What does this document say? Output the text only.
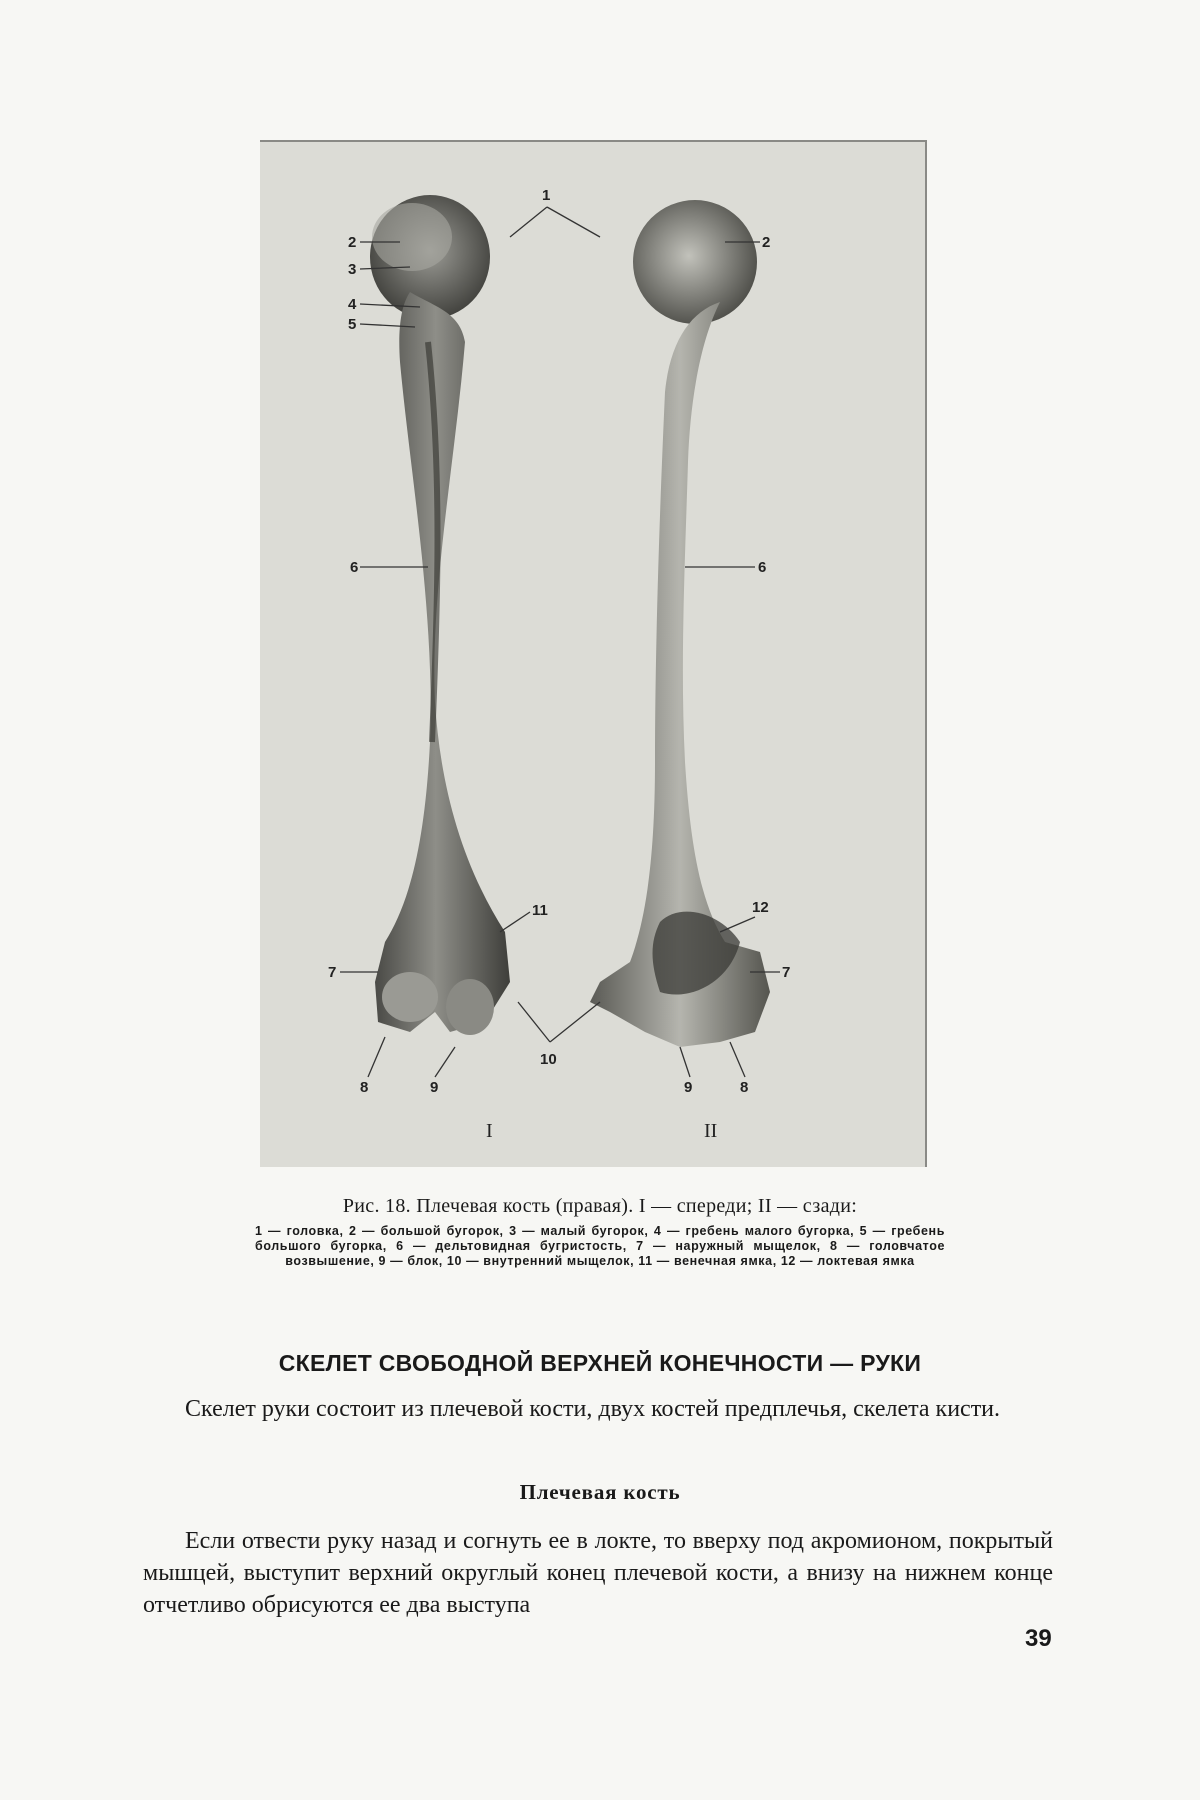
1
2
3
4
5
6
7
8	9
10
11
2
6
12
7
9	8
I	II
Рис. 18. Плечевая кость (правая). I — спереди; II — сзади:
1 — головка, 2 — большой бугорок, 3 — малый бугорок, 4 — гребень малого бугорка, 5 — гребень большого бугорка, 6 — дельтовидная бугристость, 7 — наружный мыщелок, 8 — головчатое возвышение, 9 — блок, 10 — внутренний мыщелок, 11 — венечная ямка, 12 — локтевая ямка
СКЕЛЕТ СВОБОДНОЙ ВЕРХНЕЙ КОНЕЧНОСТИ — РУКИ
Скелет руки состоит из плечевой кости, двух костей предплечья, скелета кисти.
Плечевая кость
Если отвести руку назад и согнуть ее в локте, то вверху под акромионом, покрытый мышцей, выступит верхний округлый конец плечевой кости, а внизу на нижнем конце отчетливо обрисуются ее два выступа
39
